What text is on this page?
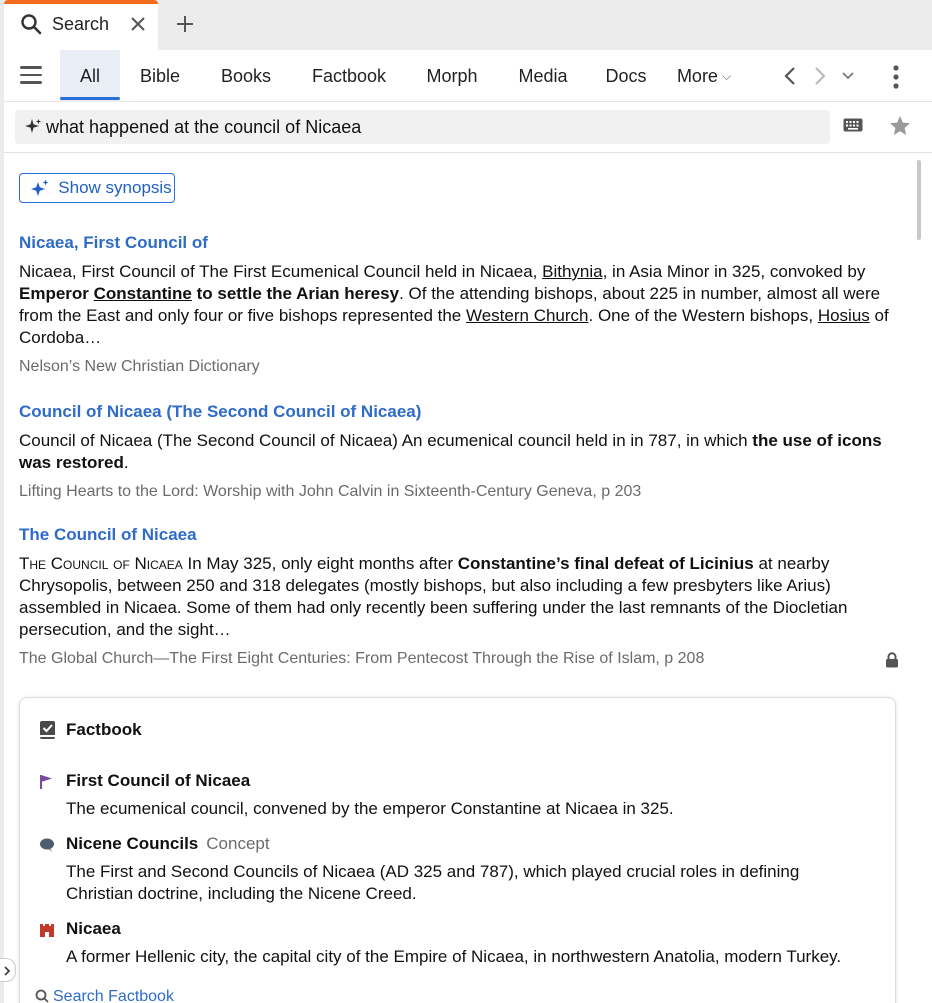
Search
All	Bible	Books	Factbook	Morph	Media	Docs	More ⌵
what happened at the council of Nicaea
Show synopsis
Nicaea, First Council of
Nicaea, First Council of The First Ecumenical Council held in Nicaea, Bithynia, in Asia Minor in 325, convoked by Emperor Constantine to settle the Arian heresy. Of the attending bishops, about 225 in number, almost all were from the East and only four or five bishops represented the Western Church. One of the Western bishops, Hosius of Cordoba…
Nelson’s New Christian Dictionary
Council of Nicaea (The Second Council of Nicaea)
Council of Nicaea (The Second Council of Nicaea) An ecumenical council held in in 787, in which the use of icons was restored.
Lifting Hearts to the Lord: Worship with John Calvin in Sixteenth-Century Geneva, p 203
The Council of Nicaea
The Council of Nicaea In May 325, only eight months after Constantine’s final defeat of Licinius at nearby Chrysopolis, between 250 and 318 delegates (mostly bishops, but also including a few presbyters like Arius) assembled in Nicaea. Some of them had only recently been suffering under the last remnants of the Diocletian persecution, and the sight…
The Global Church—The First Eight Centuries: From Pentecost Through the Rise of Islam, p 208
Factbook
First Council of Nicaea
The ecumenical council, convened by the emperor Constantine at Nicaea in 325.
Nicene Councils Concept
The First and Second Councils of Nicaea (AD 325 and 787), which played crucial roles in defining Christian doctrine, including the Nicene Creed.
Nicaea
A former Hellenic city, the capital city of the Empire of Nicaea, in northwestern Anatolia, modern Turkey.
Search Factbook
